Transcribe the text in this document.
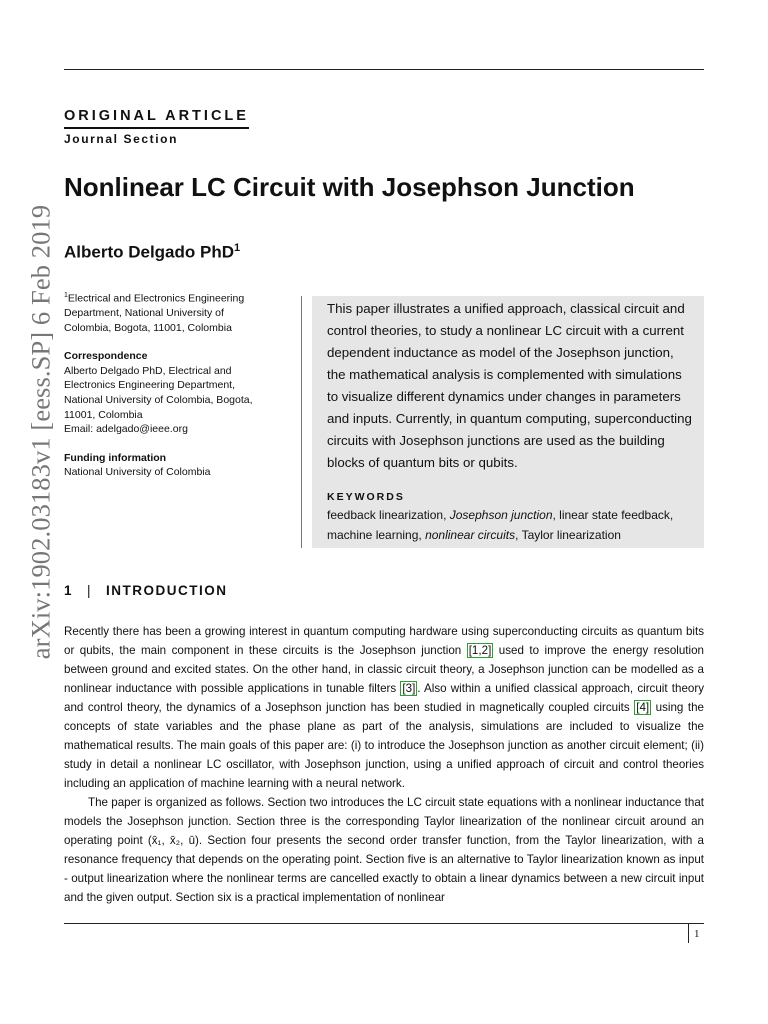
arXiv:1902.03183v1 [eess.SP] 6 Feb 2019
ORIGINAL ARTICLE
Journal Section
Nonlinear LC Circuit with Josephson Junction
Alberto Delgado PhD$^1$
$^1$Electrical and Electronics Engineering Department, National University of Colombia, Bogota, 11001, Colombia
Correspondence
Alberto Delgado PhD, Electrical and Electronics Engineering Department, National University of Colombia, Bogota, 11001, Colombia
Email: adelgado@ieee.org
Funding information
National University of Colombia
This paper illustrates a unified approach, classical circuit and control theories, to study a nonlinear LC circuit with a current dependent inductance as model of the Josephson junction, the mathematical analysis is complemented with simulations to visualize different dynamics under changes in parameters and inputs. Currently, in quantum computing, superconducting circuits with Josephson junctions are used as the building blocks of quantum bits or qubits.
KEYWORDS
feedback linearization, Josephson junction, linear state feedback, machine learning, nonlinear circuits, Taylor linearization
1 | INTRODUCTION

Recently there has been a growing interest in quantum computing hardware using superconducting circuits as quantum bits or qubits, the main component in these circuits is the Josephson junction [1,2] used to improve the energy resolution between ground and excited states. On the other hand, in classic circuit theory, a Josephson junction can be modelled as a nonlinear inductance with possible applications in tunable filters [3] . Also within a unified classical approach, circuit theory and control theory, the dynamics of a Josephson junction has been studied in magnetically coupled circuits [4] using the concepts of state variables and the phase plane as part of the analysis, simulations are included to visualize the mathematical results. The main goals of this paper are: (i) to introduce the Josephson junction as another circuit element; (ii) study in detail a nonlinear LC oscillator, with Josephson junction, using a unified approach of circuit and control theories including an application of machine learning with a neural network.

The paper is organized as follows. Section two introduces the LC circuit state equations with a nonlinear inductance that models the Josephson junction. Section three is the corresponding Taylor linearization of the nonlinear circuit around an operating point (x̄₁, x̄₂, ū). Section four presents the second order transfer function, from the Taylor linearization, with a resonance frequency that depends on the operating point. Section five is an alternative to Taylor linearization known as input - output linearization where the nonlinear terms are cancelled exactly to obtain a linear dynamics between a new circuit input and the given output. Section six is a practical implementation of nonlinear

1
